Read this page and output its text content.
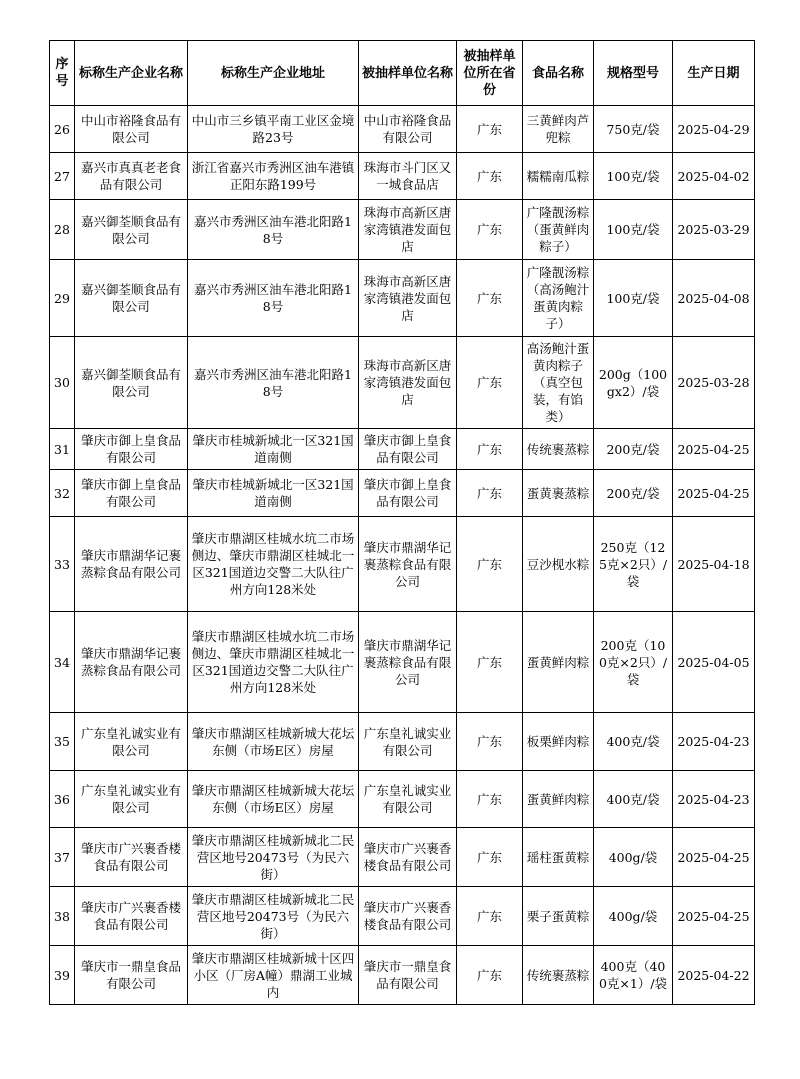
序号	标称生产企业名称	标称生产企业地址	被抽样单位名称	被抽样单位所在省份	食品名称	规格型号	生产日期
26	中山市裕隆食品有限公司	中山市三乡镇平南工业区金境路23号	中山市裕隆食品有限公司	广东	三黄鲜肉芦兜粽	750克/袋	2025-04-29
27	嘉兴市真真老老食品有限公司	浙江省嘉兴市秀洲区油车港镇正阳东路199号	珠海市斗门区又一城食品店	广东	糯糯南瓜粽	100克/袋	2025-04-02
28	嘉兴御荃顺食品有限公司	嘉兴市秀洲区油车港北阳路18号	珠海市高新区唐家湾镇港发面包店	广东	广隆靓汤粽（蛋黄鲜肉粽子）	100克/袋	2025-03-29
29	嘉兴御荃顺食品有限公司	嘉兴市秀洲区油车港北阳路18号	珠海市高新区唐家湾镇港发面包店	广东	广隆靓汤粽（高汤鲍汁蛋黄肉粽子）	100克/袋	2025-04-08
30	嘉兴御荃顺食品有限公司	嘉兴市秀洲区油车港北阳路18号	珠海市高新区唐家湾镇港发面包店	广东	高汤鲍汁蛋黄肉粽子（真空包装，有馅类）	200g（100gx2）/袋	2025-03-28
31	肇庆市御上皇食品有限公司	肇庆市桂城新城北一区321国道南侧	肇庆市御上皇食品有限公司	广东	传统裹蒸粽	200克/袋	2025-04-25
32	肇庆市御上皇食品有限公司	肇庆市桂城新城北一区321国道南侧	肇庆市御上皇食品有限公司	广东	蛋黄裹蒸粽	200克/袋	2025-04-25
33	肇庆市鼎湖华记裹蒸粽食品有限公司	肇庆市鼎湖区桂城水坑二市场侧边、肇庆市鼎湖区桂城北一区321国道边交警二大队往广州方向128米处	肇庆市鼎湖华记裹蒸粽食品有限公司	广东	豆沙枧水粽	250克（125克×2只）/袋	2025-04-18
34	肇庆市鼎湖华记裹蒸粽食品有限公司	肇庆市鼎湖区桂城水坑二市场侧边、肇庆市鼎湖区桂城北一区321国道边交警二大队往广州方向128米处	肇庆市鼎湖华记裹蒸粽食品有限公司	广东	蛋黄鲜肉粽	200克（100克×2只）/袋	2025-04-05
35	广东皇礼诚实业有限公司	肇庆市鼎湖区桂城新城大花坛东侧（市场E区）房屋	广东皇礼诚实业有限公司	广东	板栗鲜肉粽	400克/袋	2025-04-23
36	广东皇礼诚实业有限公司	肇庆市鼎湖区桂城新城大花坛东侧（市场E区）房屋	广东皇礼诚实业有限公司	广东	蛋黄鲜肉粽	400克/袋	2025-04-23
37	肇庆市广兴裹香楼食品有限公司	肇庆市鼎湖区桂城新城北二民营区地号20473号（为民六街）	肇庆市广兴裹香楼食品有限公司	广东	瑶柱蛋黄粽	400g/袋	2025-04-25
38	肇庆市广兴裹香楼食品有限公司	肇庆市鼎湖区桂城新城北二民营区地号20473号（为民六街）	肇庆市广兴裹香楼食品有限公司	广东	栗子蛋黄粽	400g/袋	2025-04-25
39	肇庆市一鼎皇食品有限公司	肇庆市鼎湖区桂城新城十区四小区（厂房A幢）鼎湖工业城内	肇庆市一鼎皇食品有限公司	广东	传统裹蒸粽	400克（400克×1）/袋	2025-04-22
